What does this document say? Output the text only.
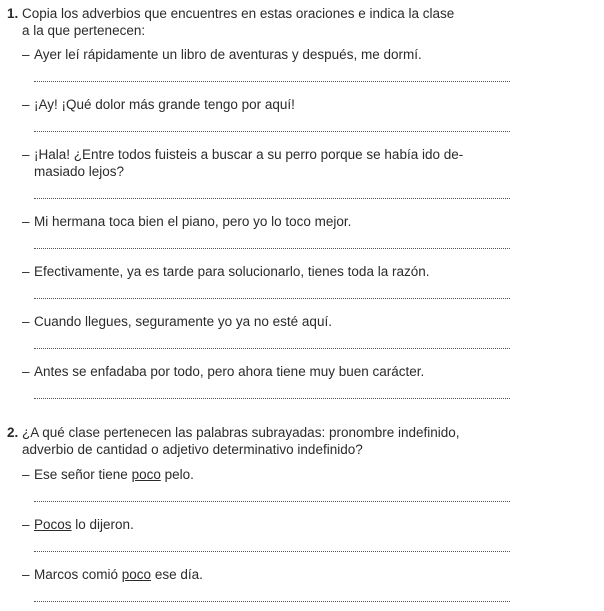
1. Copia los adverbios que encuentres en estas oraciones e indica la clase
a la que pertenecen:
– Ayer leí rápidamente un libro de aventuras y después, me dormí.
– ¡Ay! ¡Qué dolor más grande tengo por aquí!
– ¡Hala! ¿Entre todos fuisteis a buscar a su perro porque se había ido de-
masiado lejos?
– Mi hermana toca bien el piano, pero yo lo toco mejor.
– Efectivamente, ya es tarde para solucionarlo, tienes toda la razón.
– Cuando llegues, seguramente yo ya no esté aquí.
– Antes se enfadaba por todo, pero ahora tiene muy buen carácter.
2. ¿A qué clase pertenecen las palabras subrayadas: pronombre indefinido,
adverbio de cantidad o adjetivo determinativo indefinido?
– Ese señor tiene poco pelo.
– Pocos lo dijeron.
– Marcos comió poco ese día.
